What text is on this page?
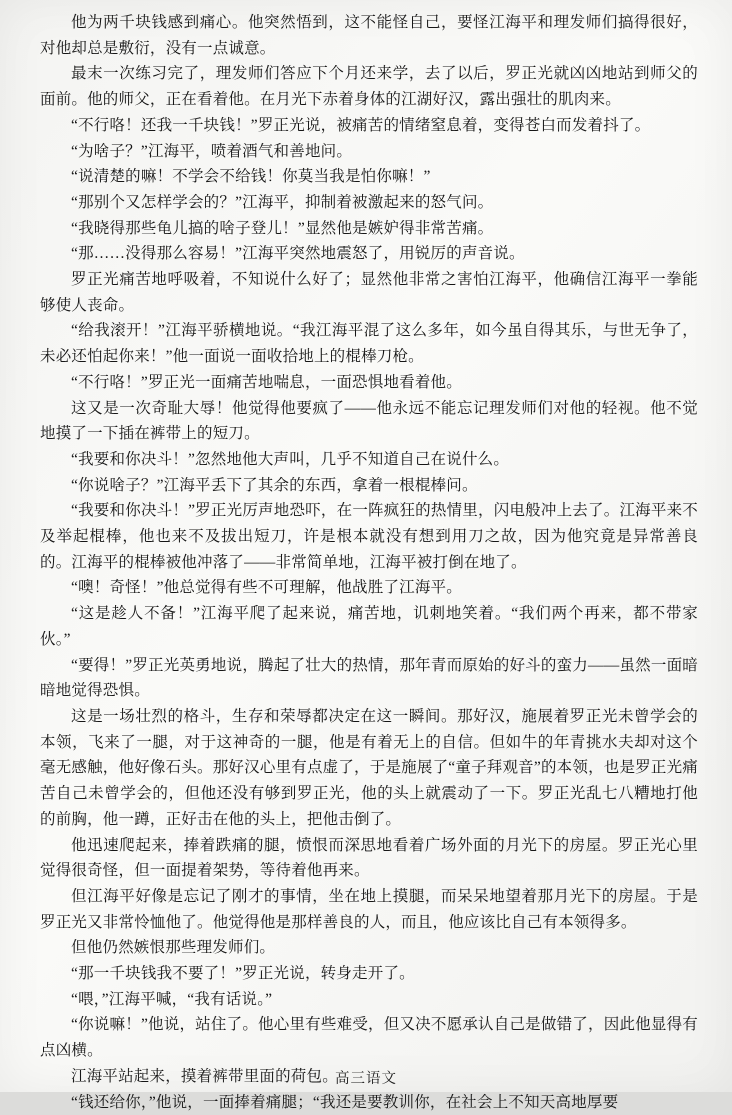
他为两千块钱感到痛心。他突然悟到，这不能怪自己，要怪江海平和理发师们搞得很好，对他却总是敷衍，没有一点诚意。

最末一次练习完了，理发师们答应下个月还来学，去了以后，罗正光就凶凶地站到师父的面前。他的师父，正在看着他。在月光下赤着身体的江湖好汉，露出强壮的肌肉来。

“不行咯！还我一千块钱！”罗正光说，被痛苦的情绪窒息着，变得苍白而发着抖了。

“为啥子？”江海平，喷着酒气和善地问。

“说清楚的嘛！不学会不给钱！你莫当我是怕你嘛！”

“那别个又怎样学会的？”江海平，抑制着被激起来的怒气问。

“我晓得那些龟儿搞的啥子登儿！”显然他是嫉妒得非常苦痛。

“那……没得那么容易！”江海平突然地震怒了，用锐厉的声音说。

罗正光痛苦地呼吸着，不知说什么好了；显然他非常之害怕江海平，他确信江海平一拳能够使人丧命。

“给我滚开！”江海平骄横地说。“我江海平混了这么多年，如今虽自得其乐，与世无争了，未必还怕起你来！”他一面说一面收拾地上的棍棒刀枪。

“不行咯！”罗正光一面痛苦地喘息，一面恐惧地看着他。

这又是一次奇耻大辱！他觉得他要疯了——他永远不能忘记理发师们对他的轻视。他不觉地摸了一下插在裤带上的短刀。

“我要和你决斗！”忽然地他大声叫，几乎不知道自己在说什么。

“你说啥子？”江海平丢下了其余的东西，拿着一根棍棒问。

“我要和你决斗！”罗正光厉声地恐吓，在一阵疯狂的热情里，闪电般冲上去了。江海平来不及举起棍棒，他也来不及拔出短刀，许是根本就没有想到用刀之故，因为他究竟是异常善良的。江海平的棍棒被他冲落了——非常简单地，江海平被打倒在地了。

“噢！奇怪！”他总觉得有些不可理解，他战胜了江海平。

“这是趁人不备！”江海平爬了起来说，痛苦地，讥刺地笑着。“我们两个再来，都不带家伙。”

“要得！”罗正光英勇地说，腾起了壮大的热情，那年青而原始的好斗的蛮力——虽然一面暗暗地觉得恐惧。

这是一场壮烈的格斗，生存和荣辱都决定在这一瞬间。那好汉，施展着罗正光未曾学会的本领，飞来了一腿，对于这神奇的一腿，他是有着无上的自信。但如牛的年青挑水夫却对这个毫无感触，他好像石头。那好汉心里有点虚了，于是施展了“童子拜观音”的本领，也是罗正光痛苦自己未曾学会的，但他还没有够到罗正光，他的头上就震动了一下。罗正光乱七八糟地打他的前胸，他一蹲，正好击在他的头上，把他击倒了。

他迅速爬起来，捧着跌痛的腿，愤恨而深思地看着广场外面的月光下的房屋。罗正光心里觉得很奇怪，但一面提着架势，等待着他再来。

但江海平好像是忘记了刚才的事情，坐在地上摸腿，而呆呆地望着那月光下的房屋。于是罗正光又非常怜恤他了。他觉得他是那样善良的人，而且，他应该比自己有本领得多。

但他仍然嫉恨那些理发师们。

“那一千块钱我不要了！”罗正光说，转身走开了。

“喂，”江海平喊，“我有话说。”

“你说嘛！”他说，站住了。他心里有些难受，但又决不愿承认自己是做错了，因此他显得有点凶横。

江海平站起来，摸着裤带里面的荷包。

“钱还给你，”他说，一面捧着痛腿；“我还是要教训你，在社会上不知天高地厚要

高三语文
